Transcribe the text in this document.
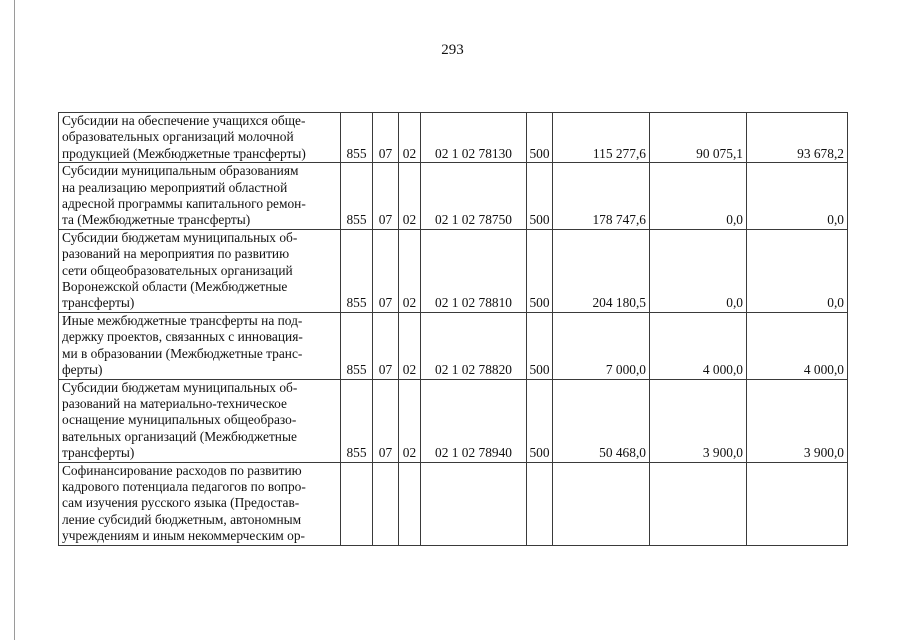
293
Субсидии на обеспечение учащихся обще-
образовательных организаций молочной
продукцией (Межбюджетные трансферты)	855	07	02	02 1 02 78130	500	115 277,6	90 075,1	93 678,2

Субсидии муниципальным образованиям
на реализацию мероприятий областной
адресной программы капитального ремон-
та (Межбюджетные трансферты)	855	07	02	02 1 02 78750	500	178 747,6	0,0	0,0

Субсидии бюджетам муниципальных об-
разований на мероприятия по развитию
сети общеобразовательных организаций
Воронежской области (Межбюджетные
трансферты)	855	07	02	02 1 02 78810	500	204 180,5	0,0	0,0

Иные межбюджетные трансферты на под-
держку проектов, связанных с инновация-
ми в образовании (Межбюджетные транс-
ферты)	855	07	02	02 1 02 78820	500	7 000,0	4 000,0	4 000,0

Субсидии бюджетам муниципальных об-
разований на материально-техническое
оснащение муниципальных общеобразо-
вательных организаций (Межбюджетные
трансферты)	855	07	02	02 1 02 78940	500	50 468,0	3 900,0	3 900,0

Софинансирование расходов по развитию
кадрового потенциала педагогов по вопро-
сам изучения русского языка (Предостав-
ление субсидий бюджетным, автономным
учреждениям и иным некоммерческим ор-								
